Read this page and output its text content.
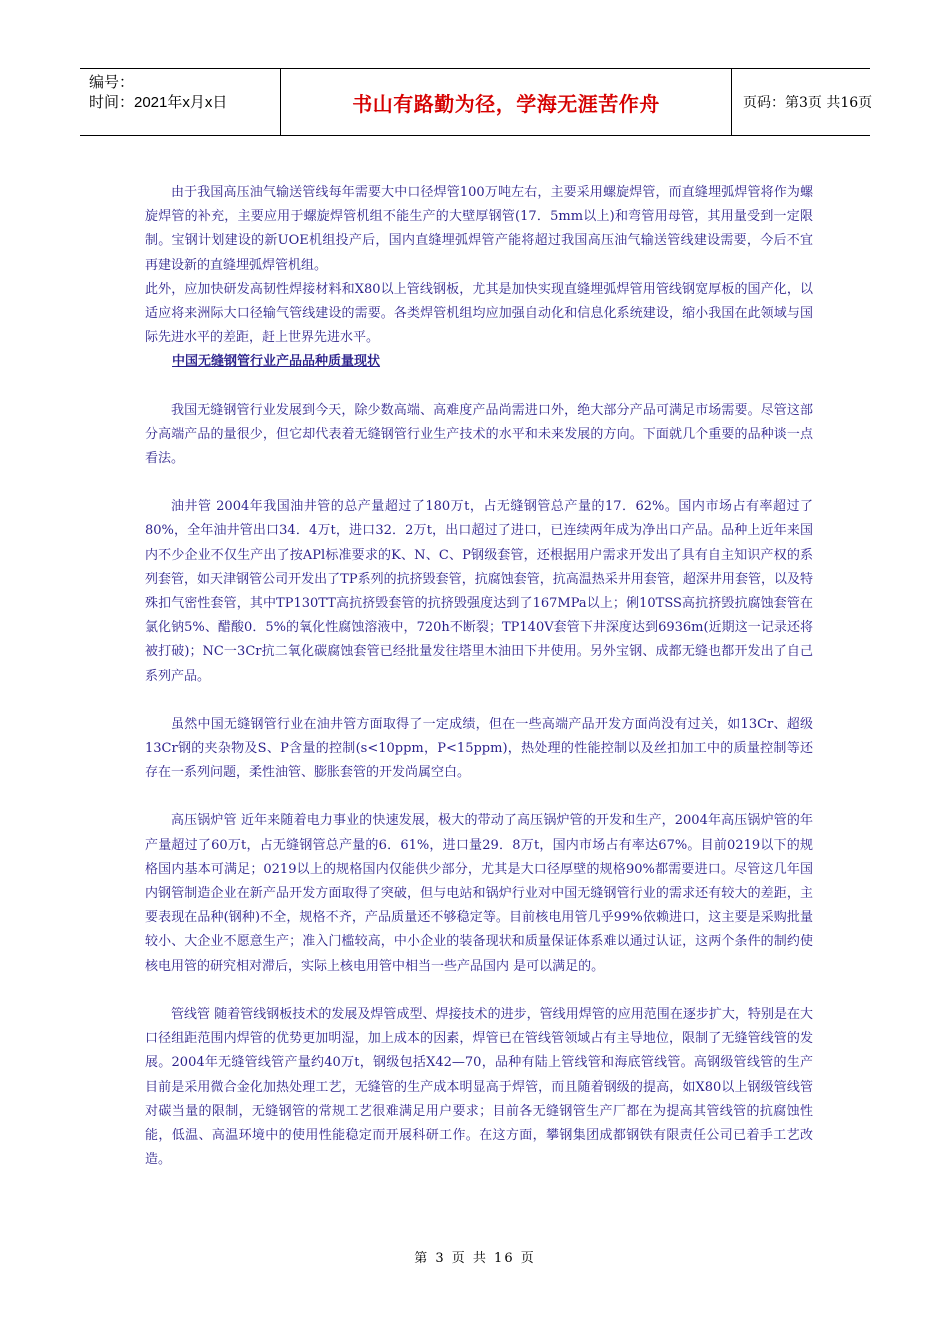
编号：
时间：2021年x月x日	书山有路勤为径，学海无涯苦作舟	页码：第3页 共16页

由于我国高压油气输送管线每年需要大中口径焊管100万吨左右，主要采用螺旋焊管，而直缝埋弧焊管将作为螺旋焊管的补充，主要应用于螺旋焊管机组不能生产的大壁厚钢管(17．5mm以上)和弯管用母管，其用量受到一定限制。宝钢计划建设的新UOE机组投产后，国内直缝埋弧焊管产能将超过我国高压油气输送管线建设需要，今后不宜再建设新的直缝埋弧焊管机组。

此外，应加快研发高韧性焊接材料和X80以上管线钢板，尤其是加快实现直缝埋弧焊管用管线钢宽厚板的国产化，以适应将来洲际大口径输气管线建设的需要。各类焊管机组均应加强自动化和信息化系统建设，缩小我国在此领域与国际先进水平的差距，赶上世界先进水平。

中国无缝钢管行业产品品种质量现状

我国无缝钢管行业发展到今天，除少数高端、高难度产品尚需进口外，绝大部分产品可满足市场需要。尽管这部分高端产品的量很少，但它却代表着无缝钢管行业生产技术的水平和未来发展的方向。下面就几个重要的品种谈一点看法。

油井管 2004年我国油井管的总产量超过了180万t，占无缝钢管总产量的17．62%。国内市场占有率超过了80%，全年油井管出口34．4万t，进口32．2万t，出口超过了进口，已连续两年成为净出口产品。品种上近年来国内不少企业不仅生产出了按APl标准要求的K、N、C、P钢级套管，还根据用户需求开发出了具有自主知识产权的系列套管，如天津钢管公司开发出了TP系列的抗挤毁套管，抗腐蚀套管，抗高温热采井用套管，超深井用套管，以及特殊扣气密性套管，其中TP130TT高抗挤毁套管的抗挤毁强度达到了167MPa以上；俐10TSS高抗挤毁抗腐蚀套管在氯化钠5%、醋酸0．5%的氧化性腐蚀溶液中，720h不断裂；TP140V套管下井深度达到6936m(近期这一记录还将被打破)；NC一3Cr抗二氧化碳腐蚀套管已经批量发往塔里木油田下井使用。另外宝钢、成都无缝也都开发出了自己系列产品。

虽然中国无缝钢管行业在油井管方面取得了一定成绩，但在一些高端产品开发方面尚没有过关，如13Cr、超级13Cr钢的夹杂物及S、P含量的控制(s<10ppm，P<15ppm)，热处理的性能控制以及丝扣加工中的质量控制等还存在一系列问题，柔性油管、膨胀套管的开发尚属空白。

高压锅炉管 近年来随着电力事业的快速发展，极大的带动了高压锅炉管的开发和生产，2004年高压锅炉管的年产量超过了60万t，占无缝钢管总产量的6．61%，进口量29．8万t，国内市场占有率达67%。目前0219以下的规格国内基本可满足；0219以上的规格国内仅能供少部分，尤其是大口径厚壁的规格90%都需要进口。尽管这几年国内钢管制造企业在新产品开发方面取得了突破，但与电站和锅炉行业对中国无缝钢管行业的需求还有较大的差距，主要表现在品种(钢种)不全，规格不齐，产品质量还不够稳定等。目前核电用管几乎99%依赖进口，这主要是采购批量较小、大企业不愿意生产；准入门槛较高，中小企业的装备现状和质量保证体系难以通过认证，这两个条件的制约使核电用管的研究相对滞后，实际上核电用管中相当一些产品国内 是可以满足的。

管线管 随着管线钢板技术的发展及焊管成型、焊接技术的进步，管线用焊管的应用范围在逐步扩大，特别是在大口径组距范围内焊管的优势更加明湿，加上成本的因素，焊管已在管线管领域占有主导地位，限制了无缝管线管的发展。2004年无缝管线管产量约40万t，钢级包括X42—70，品种有陆上管线管和海底管线管。高钢级管线管的生产目前是采用微合金化加热处理工艺，无缝管的生产成本明显高于焊管，而且随着钢级的提高，如X80以上钢级管线管对碳当量的限制，无缝钢管的常规工艺很难满足用户要求；目前各无缝钢管生产厂都在为提高其管线管的抗腐蚀性能，低温、高温环境中的使用性能稳定而开展科研工作。在这方面，攀钢集团成都钢铁有限责任公司已着手工艺改造。

第 3 页 共 16 页
